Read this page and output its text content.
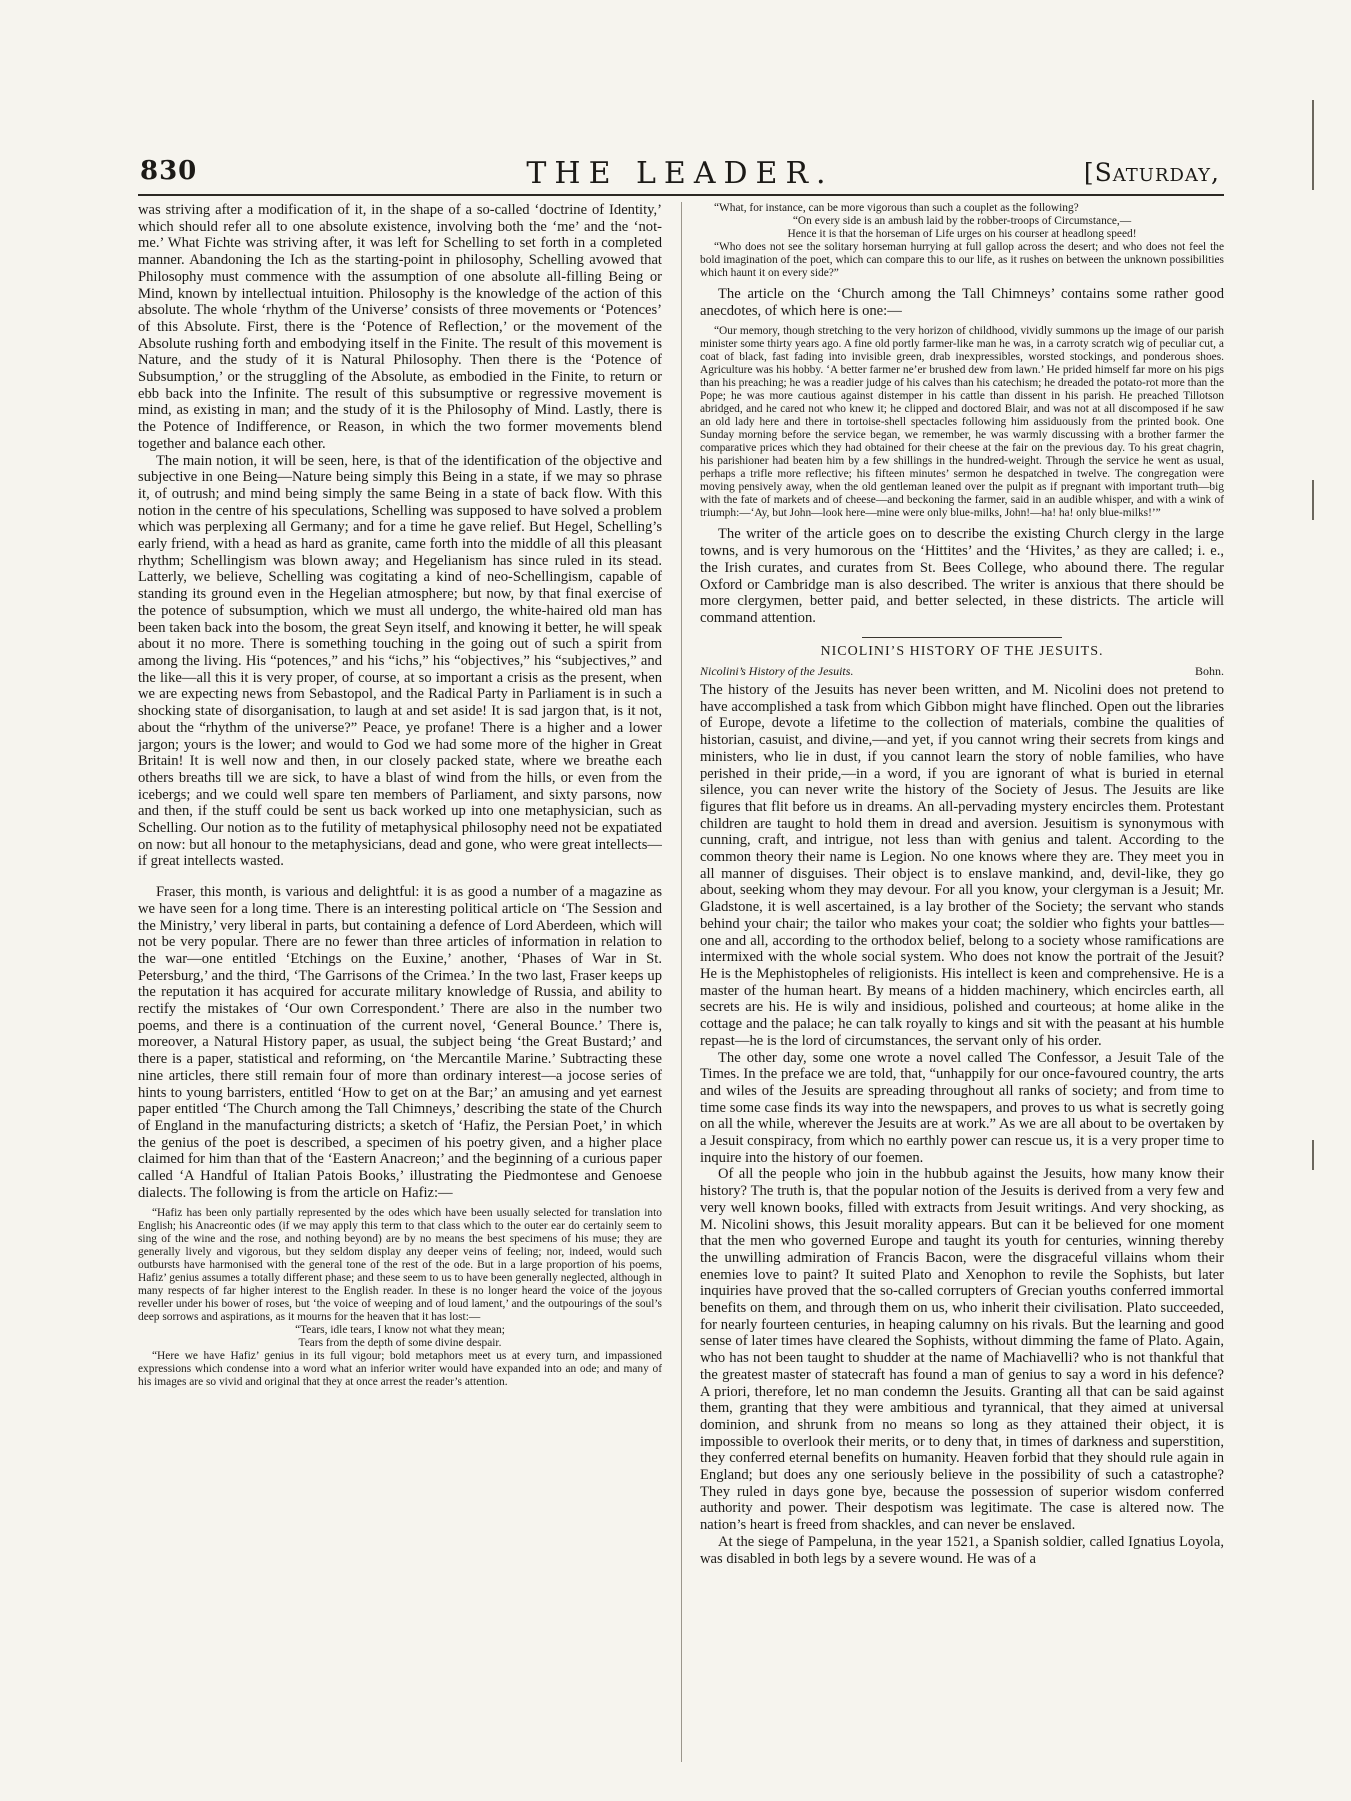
830	THE LEADER.	[Saturday,

was striving after a modification of it, in the shape of a so-called ‘doctrine of Identity,’ which should refer all to one absolute existence, involving both the ‘me’ and the ‘not-me.’ What Fichte was striving after, it was left for Schelling to set forth in a completed manner. Abandoning the Ich as the starting-point in philosophy, Schelling avowed that Philosophy must commence with the assumption of one absolute all-filling Being or Mind, known by intellectual intuition. Philosophy is the knowledge of the action of this absolute. The whole ‘rhythm of the Universe’ consists of three movements or ‘Potences’ of this Absolute. First, there is the ‘Potence of Reflection,’ or the movement of the Absolute rushing forth and embodying itself in the Finite. The result of this movement is Nature, and the study of it is Natural Philosophy. Then there is the ‘Potence of Subsumption,’ or the struggling of the Absolute, as embodied in the Finite, to return or ebb back into the Infinite. The result of this subsumptive or regressive movement is mind, as existing in man; and the study of it is the Philosophy of Mind. Lastly, there is the Potence of Indifference, or Reason, in which the two former movements blend together and balance each other.

The main notion, it will be seen, here, is that of the identification of the objective and subjective in one Being—Nature being simply this Being in a state, if we may so phrase it, of outrush; and mind being simply the same Being in a state of back flow. With this notion in the centre of his speculations, Schelling was supposed to have solved a problem which was perplexing all Germany; and for a time he gave relief. But Hegel, Schelling’s early friend, with a head as hard as granite, came forth into the middle of all this pleasant rhythm; Schellingism was blown away; and Hegelianism has since ruled in its stead. Latterly, we believe, Schelling was cogitating a kind of neo-Schellingism, capable of standing its ground even in the Hegelian atmosphere; but now, by that final exercise of the potence of subsumption, which we must all undergo, the white-haired old man has been taken back into the bosom, the great Seyn itself, and knowing it better, he will speak about it no more. There is something touching in the going out of such a spirit from among the living. His “potences,” and his “ichs,” his “objectives,” his “subjectives,” and the like—all this it is very proper, of course, at so important a crisis as the present, when we are expecting news from Sebastopol, and the Radical Party in Parliament is in such a shocking state of disorganisation, to laugh at and set aside! It is sad jargon that, is it not, about the “rhythm of the universe?” Peace, ye profane! There is a higher and a lower jargon; yours is the lower; and would to God we had some more of the higher in Great Britain! It is well now and then, in our closely packed state, where we breathe each others breaths till we are sick, to have a blast of wind from the hills, or even from the icebergs; and we could well spare ten members of Parliament, and sixty parsons, now and then, if the stuff could be sent us back worked up into one metaphysician, such as Schelling. Our notion as to the futility of metaphysical philosophy need not be expatiated on now: but all honour to the metaphysicians, dead and gone, who were great intellects—if great intellects wasted.

Fraser, this month, is various and delightful: it is as good a number of a magazine as we have seen for a long time. There is an interesting political article on ‘The Session and the Ministry,’ very liberal in parts, but containing a defence of Lord Aberdeen, which will not be very popular. There are no fewer than three articles of information in relation to the war—one entitled ‘Etchings on the Euxine,’ another, ‘Phases of War in St. Petersburg,’ and the third, ‘The Garrisons of the Crimea.’ In the two last, Fraser keeps up the reputation it has acquired for accurate military knowledge of Russia, and ability to rectify the mistakes of ‘Our own Correspondent.’ There are also in the number two poems, and there is a continuation of the current novel, ‘General Bounce.’ There is, moreover, a Natural History paper, as usual, the subject being ‘the Great Bustard;’ and there is a paper, statistical and reforming, on ‘the Mercantile Marine.’ Subtracting these nine articles, there still remain four of more than ordinary interest—a jocose series of hints to young barristers, entitled ‘How to get on at the Bar;’ an amusing and yet earnest paper entitled ‘The Church among the Tall Chimneys,’ describing the state of the Church of England in the manufacturing districts; a sketch of ‘Hafiz, the Persian Poet,’ in which the genius of the poet is described, a specimen of his poetry given, and a higher place claimed for him than that of the ‘Eastern Anacreon;’ and the beginning of a curious paper called ‘A Handful of Italian Patois Books,’ illustrating the Piedmontese and Genoese dialects. The following is from the article on Hafiz:—

“Hafiz has been only partially represented by the odes which have been usually selected for translation into English; his Anacreontic odes (if we may apply this term to that class which to the outer ear do certainly seem to sing of the wine and the rose, and nothing beyond) are by no means the best specimens of his muse; they are generally lively and vigorous, but they seldom display any deeper veins of feeling; nor, indeed, would such outbursts have harmonised with the general tone of the rest of the ode. But in a large proportion of his poems, Hafiz’ genius assumes a totally different phase; and these seem to us to have been generally neglected, although in many respects of far higher interest to the English reader. In these is no longer heard the voice of the joyous reveller under his bower of roses, but ‘the voice of weeping and of loud lament,’ and the outpourings of the soul’s deep sorrows and aspirations, as it mourns for the heaven that it has lost:—

“Tears, idle tears, I know not what they mean;

Tears from the depth of some divine despair.

“Here we have Hafiz’ genius in its full vigour; bold metaphors meet us at every turn, and impassioned expressions which condense into a word what an inferior writer would have expanded into an ode; and many of his images are so vivid and original that they at once arrest the reader’s attention.

“What, for instance, can be more vigorous than such a couplet as the following?

“On every side is an ambush laid by the robber-troops of Circumstance,—

Hence it is that the horseman of Life urges on his courser at headlong speed!

“Who does not see the solitary horseman hurrying at full gallop across the desert; and who does not feel the bold imagination of the poet, which can compare this to our life, as it rushes on between the unknown possibilities which haunt it on every side?”

The article on the ‘Church among the Tall Chimneys’ contains some rather good anecdotes, of which here is one:—

“Our memory, though stretching to the very horizon of childhood, vividly summons up the image of our parish minister some thirty years ago. A fine old portly farmer-like man he was, in a carroty scratch wig of peculiar cut, a coat of black, fast fading into invisible green, drab inexpressibles, worsted stockings, and ponderous shoes. Agriculture was his hobby. ‘A better farmer ne’er brushed dew from lawn.’ He prided himself far more on his pigs than his preaching; he was a readier judge of his calves than his catechism; he dreaded the potato-rot more than the Pope; he was more cautious against distemper in his cattle than dissent in his parish. He preached Tillotson abridged, and he cared not who knew it; he clipped and doctored Blair, and was not at all discomposed if he saw an old lady here and there in tortoise-shell spectacles following him assiduously from the printed book. One Sunday morning before the service began, we remember, he was warmly discussing with a brother farmer the comparative prices which they had obtained for their cheese at the fair on the previous day. To his great chagrin, his parishioner had beaten him by a few shillings in the hundred-weight. Through the service he went as usual, perhaps a trifle more reflective; his fifteen minutes’ sermon he despatched in twelve. The congregation were moving pensively away, when the old gentleman leaned over the pulpit as if pregnant with important truth—big with the fate of markets and of cheese—and beckoning the farmer, said in an audible whisper, and with a wink of triumph:—‘Ay, but John—look here—mine were only blue-milks, John!—ha! ha! only blue-milks!’”

The writer of the article goes on to describe the existing Church clergy in the large towns, and is very humorous on the ‘Hittites’ and the ‘Hivites,’ as they are called; i. e., the Irish curates, and curates from St. Bees College, who abound there. The regular Oxford or Cambridge man is also described. The writer is anxious that there should be more clergymen, better paid, and better selected, in these districts. The article will command attention.

NICOLINI’S HISTORY OF THE JESUITS.
Nicolini’s History of the Jesuits.	Bohn.

The history of the Jesuits has never been written, and M. Nicolini does not pretend to have accomplished a task from which Gibbon might have flinched. Open out the libraries of Europe, devote a lifetime to the collection of materials, combine the qualities of historian, casuist, and divine,—and yet, if you cannot wring their secrets from kings and ministers, who lie in dust, if you cannot learn the story of noble families, who have perished in their pride,—in a word, if you are ignorant of what is buried in eternal silence, you can never write the history of the Society of Jesus. The Jesuits are like figures that flit before us in dreams. An all-pervading mystery encircles them. Protestant children are taught to hold them in dread and aversion. Jesuitism is synonymous with cunning, craft, and intrigue, not less than with genius and talent. According to the common theory their name is Legion. No one knows where they are. They meet you in all manner of disguises. Their object is to enslave mankind, and, devil-like, they go about, seeking whom they may devour. For all you know, your clergyman is a Jesuit; Mr. Gladstone, it is well ascertained, is a lay brother of the Society; the servant who stands behind your chair; the tailor who makes your coat; the soldier who fights your battles—one and all, according to the orthodox belief, belong to a society whose ramifications are intermixed with the whole social system. Who does not know the portrait of the Jesuit? He is the Mephistopheles of religionists. His intellect is keen and comprehensive. He is a master of the human heart. By means of a hidden machinery, which encircles earth, all secrets are his. He is wily and insidious, polished and courteous; at home alike in the cottage and the palace; he can talk royally to kings and sit with the peasant at his humble repast—he is the lord of circumstances, the servant only of his order.

The other day, some one wrote a novel called The Confessor, a Jesuit Tale of the Times. In the preface we are told, that, “unhappily for our once-favoured country, the arts and wiles of the Jesuits are spreading throughout all ranks of society; and from time to time some case finds its way into the newspapers, and proves to us what is secretly going on all the while, wherever the Jesuits are at work.” As we are all about to be overtaken by a Jesuit conspiracy, from which no earthly power can rescue us, it is a very proper time to inquire into the history of our foemen.

Of all the people who join in the hubbub against the Jesuits, how many know their history? The truth is, that the popular notion of the Jesuits is derived from a very few and very well known books, filled with extracts from Jesuit writings. And very shocking, as M. Nicolini shows, this Jesuit morality appears. But can it be believed for one moment that the men who governed Europe and taught its youth for centuries, winning thereby the unwilling admiration of Francis Bacon, were the disgraceful villains whom their enemies love to paint? It suited Plato and Xenophon to revile the Sophists, but later inquiries have proved that the so-called corrupters of Grecian youths conferred immortal benefits on them, and through them on us, who inherit their civilisation. Plato succeeded, for nearly fourteen centuries, in heaping calumny on his rivals. But the learning and good sense of later times have cleared the Sophists, without dimming the fame of Plato. Again, who has not been taught to shudder at the name of Machiavelli? who is not thankful that the greatest master of statecraft has found a man of genius to say a word in his defence? A priori, therefore, let no man condemn the Jesuits. Granting all that can be said against them, granting that they were ambitious and tyrannical, that they aimed at universal dominion, and shrunk from no means so long as they attained their object, it is impossible to overlook their merits, or to deny that, in times of darkness and superstition, they conferred eternal benefits on humanity. Heaven forbid that they should rule again in England; but does any one seriously believe in the possibility of such a catastrophe? They ruled in days gone bye, because the possession of superior wisdom conferred authority and power. Their despotism was legitimate. The case is altered now. The nation’s heart is freed from shackles, and can never be enslaved.

At the siege of Pampeluna, in the year 1521, a Spanish soldier, called Ignatius Loyola, was disabled in both legs by a severe wound. He was of a
